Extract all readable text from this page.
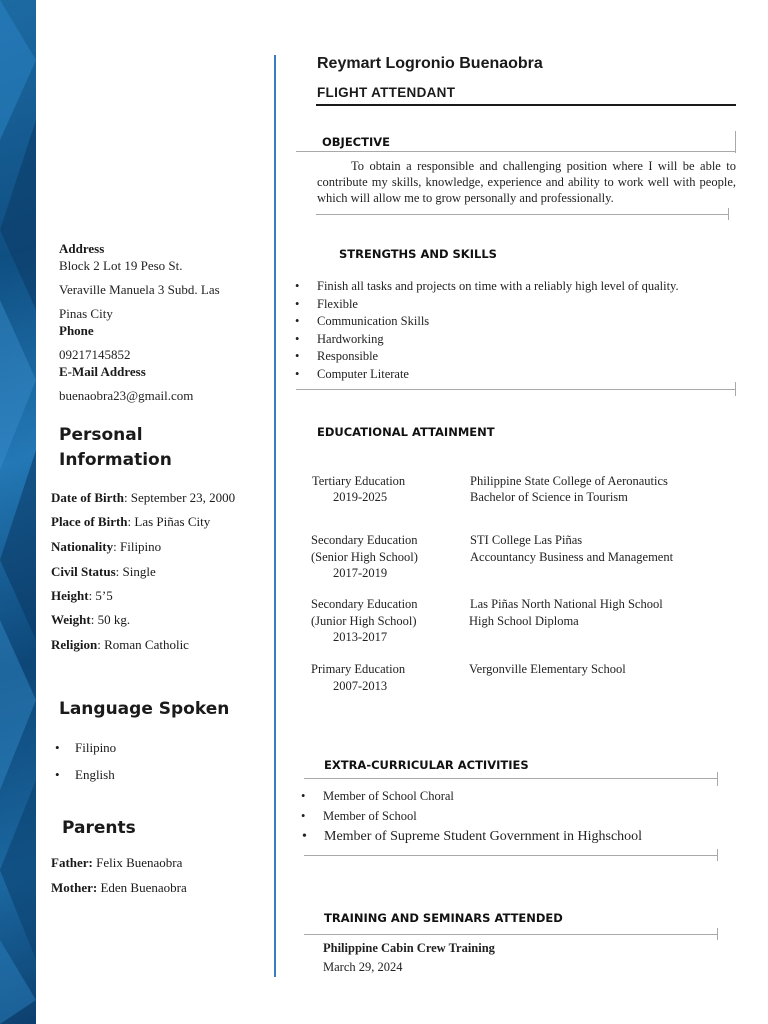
Address
Block 2 Lot 19 Peso St.
Veraville Manuela 3 Subd. Las
Pinas City
Phone
09217145852
E-Mail Address
buenaobra23@gmail.com
Personal
Information
Date of Birth: September 23, 2000
Place of Birth: Las Piñas City
Nationality: Filipino
Civil Status: Single
Height: 5’5
Weight: 50 kg.
Religion: Roman Catholic
Language Spoken
• Filipino
• English
Parents
Father: Felix Buenaobra
Mother: Eden Buenaobra
Reymart Logronio Buenaobra
FLIGHT ATTENDANT
OBJECTIVE
To obtain a responsible and challenging position where I will be able to contribute my skills, knowledge, experience and ability to work well with people, which will allow me to grow personally and professionally.
STRENGTHS AND SKILLS
• Finish all tasks and projects on time with a reliably high level of quality.
• Flexible
• Communication Skills
• Hardworking
• Responsible
• Computer Literate
EDUCATIONAL ATTAINMENT
Tertiary Education
2019-2025
Philippine State College of Aeronautics
Bachelor of Science in Tourism
Secondary Education
(Senior High School)
2017-2019
STI College Las Piñas
Accountancy Business and Management
Secondary Education
(Junior High School)
2013-2017
Las Piñas North National High School
High School Diploma
Primary Education
2007-2013
Vergonville Elementary School
EXTRA-CURRICULAR ACTIVITIES
• Member of School Choral
• Member of School
• Member of Supreme Student Government in Highschool
TRAINING AND SEMINARS ATTENDED
Philippine Cabin Crew Training
March 29, 2024
